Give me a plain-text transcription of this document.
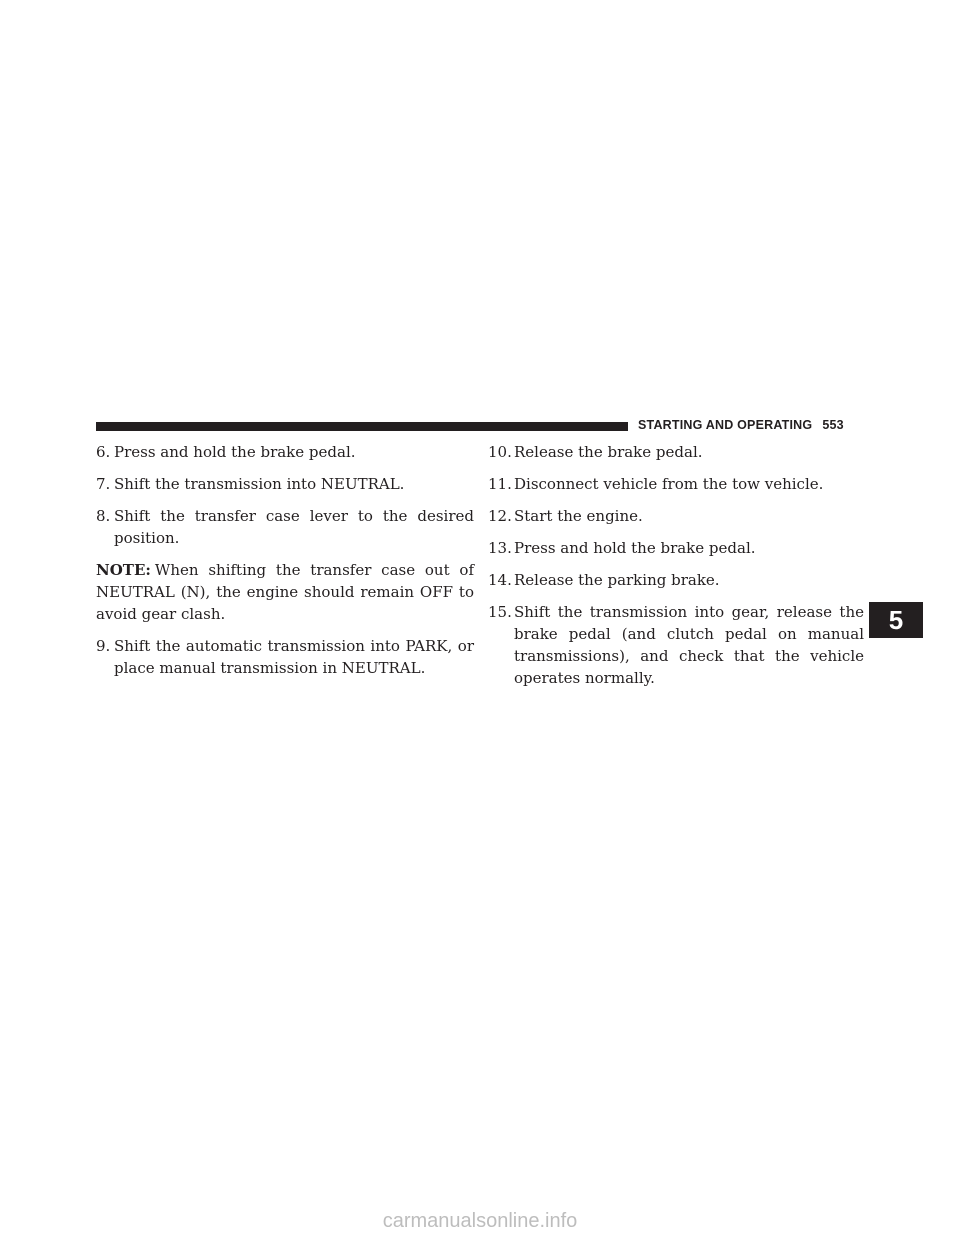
STARTING AND OPERATING 553
6. Press and hold the brake pedal.
7. Shift the transmission into NEUTRAL.
8. Shift the transfer case lever to the desired position.

NOTE: When shifting the transfer case out of NEUTRAL (N), the engine should remain OFF to avoid gear clash.

9. Shift the automatic transmission into PARK, or place manual transmission in NEUTRAL.
10. Release the brake pedal.
11. Disconnect vehicle from the tow vehicle.
12. Start the engine.
13. Press and hold the brake pedal.
14. Release the parking brake.
15. Shift the transmission into gear, release the brake pedal (and clutch pedal on manual transmissions), and check that the vehicle operates normally.
5
carmanualsonline.info
